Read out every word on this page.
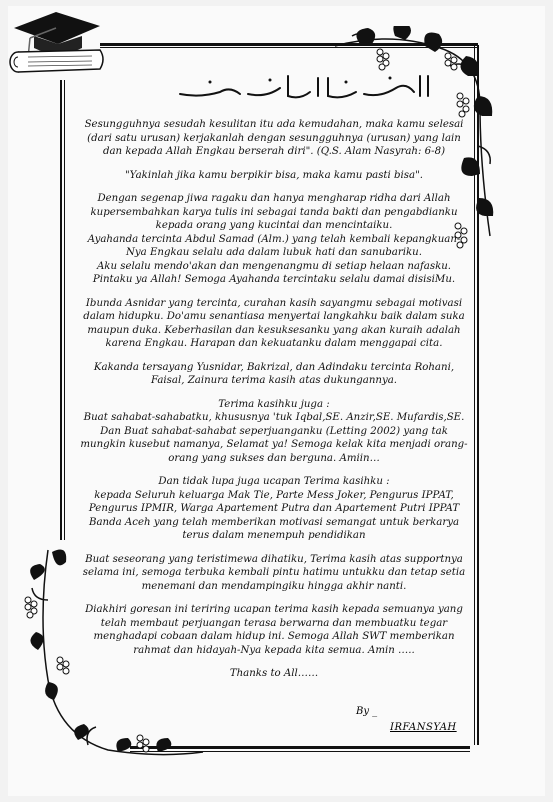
Sesungguhnya sesudah kesulitan itu ada kemudahan, maka kamu selesai (dari satu urusan) kerjakanlah dengan sesungguhnya (urusan) yang lain dan kepada Allah Engkau berserah diri". (Q.S. Alam Nasyrah: 6-8)

"Yakinlah jika kamu berpikir bisa, maka kamu pasti bisa".

Dengan segenap jiwa ragaku dan hanya mengharap ridha dari Allah kupersembahkan karya tulis ini sebagai tanda bakti dan pengabdianku kepada orang yang kucintai dan mencintaiku.

Ayahanda tercinta Abdul Samad (Alm.) yang telah kembali kepangkuan-Nya Engkau selalu ada dalam lubuk hati dan sanubariku.

Aku selalu mendo'akan dan mengenangmu di setiap helaan nafasku.

Pintaku ya Allah! Semoga Ayahanda tercintaku selalu damai disisiMu.

Ibunda Asnidar yang tercinta, curahan kasih sayangmu sebagai motivasi dalam hidupku. Do'amu senantiasa menyertai langkahku baik dalam suka maupun duka. Keberhasilan dan kesuksesanku yang akan kuraih adalah karena Engkau. Harapan dan kekuatanku dalam menggapai cita.

Kakanda tersayang Yusnidar, Bakrizal, dan Adindaku tercinta Rohani, Faisal, Zainura terima kasih atas dukungannya.

Terima kasihku juga :

Buat sahabat-sahabatku, khususnya 'tuk Iqbal,SE. Anzir,SE. Mufardis,SE. Dan Buat sahabat-sahabat seperjuanganku (Letting 2002) yang tak mungkin kusebut namanya, Selamat ya! Semoga kelak kita menjadi orang-orang yang sukses dan berguna. Amiin…

Dan tidak lupa juga ucapan Terima kasihku :

kepada Seluruh keluarga Mak Tie, Parte Mess Joker, Pengurus IPPAT, Pengurus IPMIR, Warga Apartement Putra dan Apartement Putri IPPAT Banda Aceh yang telah memberikan motivasi semangat untuk berkarya terus dalam menempuh pendidikan

Buat seseorang yang teristimewa dihatiku, Terima kasih atas supportnya selama ini, semoga terbuka kembali pintu hatimu untukku dan tetap setia menemani dan mendampingiku hingga akhir nanti.

Diakhiri goresan ini teriring ucapan terima kasih kepada semuanya yang telah membaut perjuangan terasa berwarna dan membuatku tegar menghadapi cobaan dalam hidup ini. Semoga Allah SWT memberikan rahmat dan hidayah-Nya kepada kita semua. Amin …..

Thanks to All……

By _
IRFANSYAH
